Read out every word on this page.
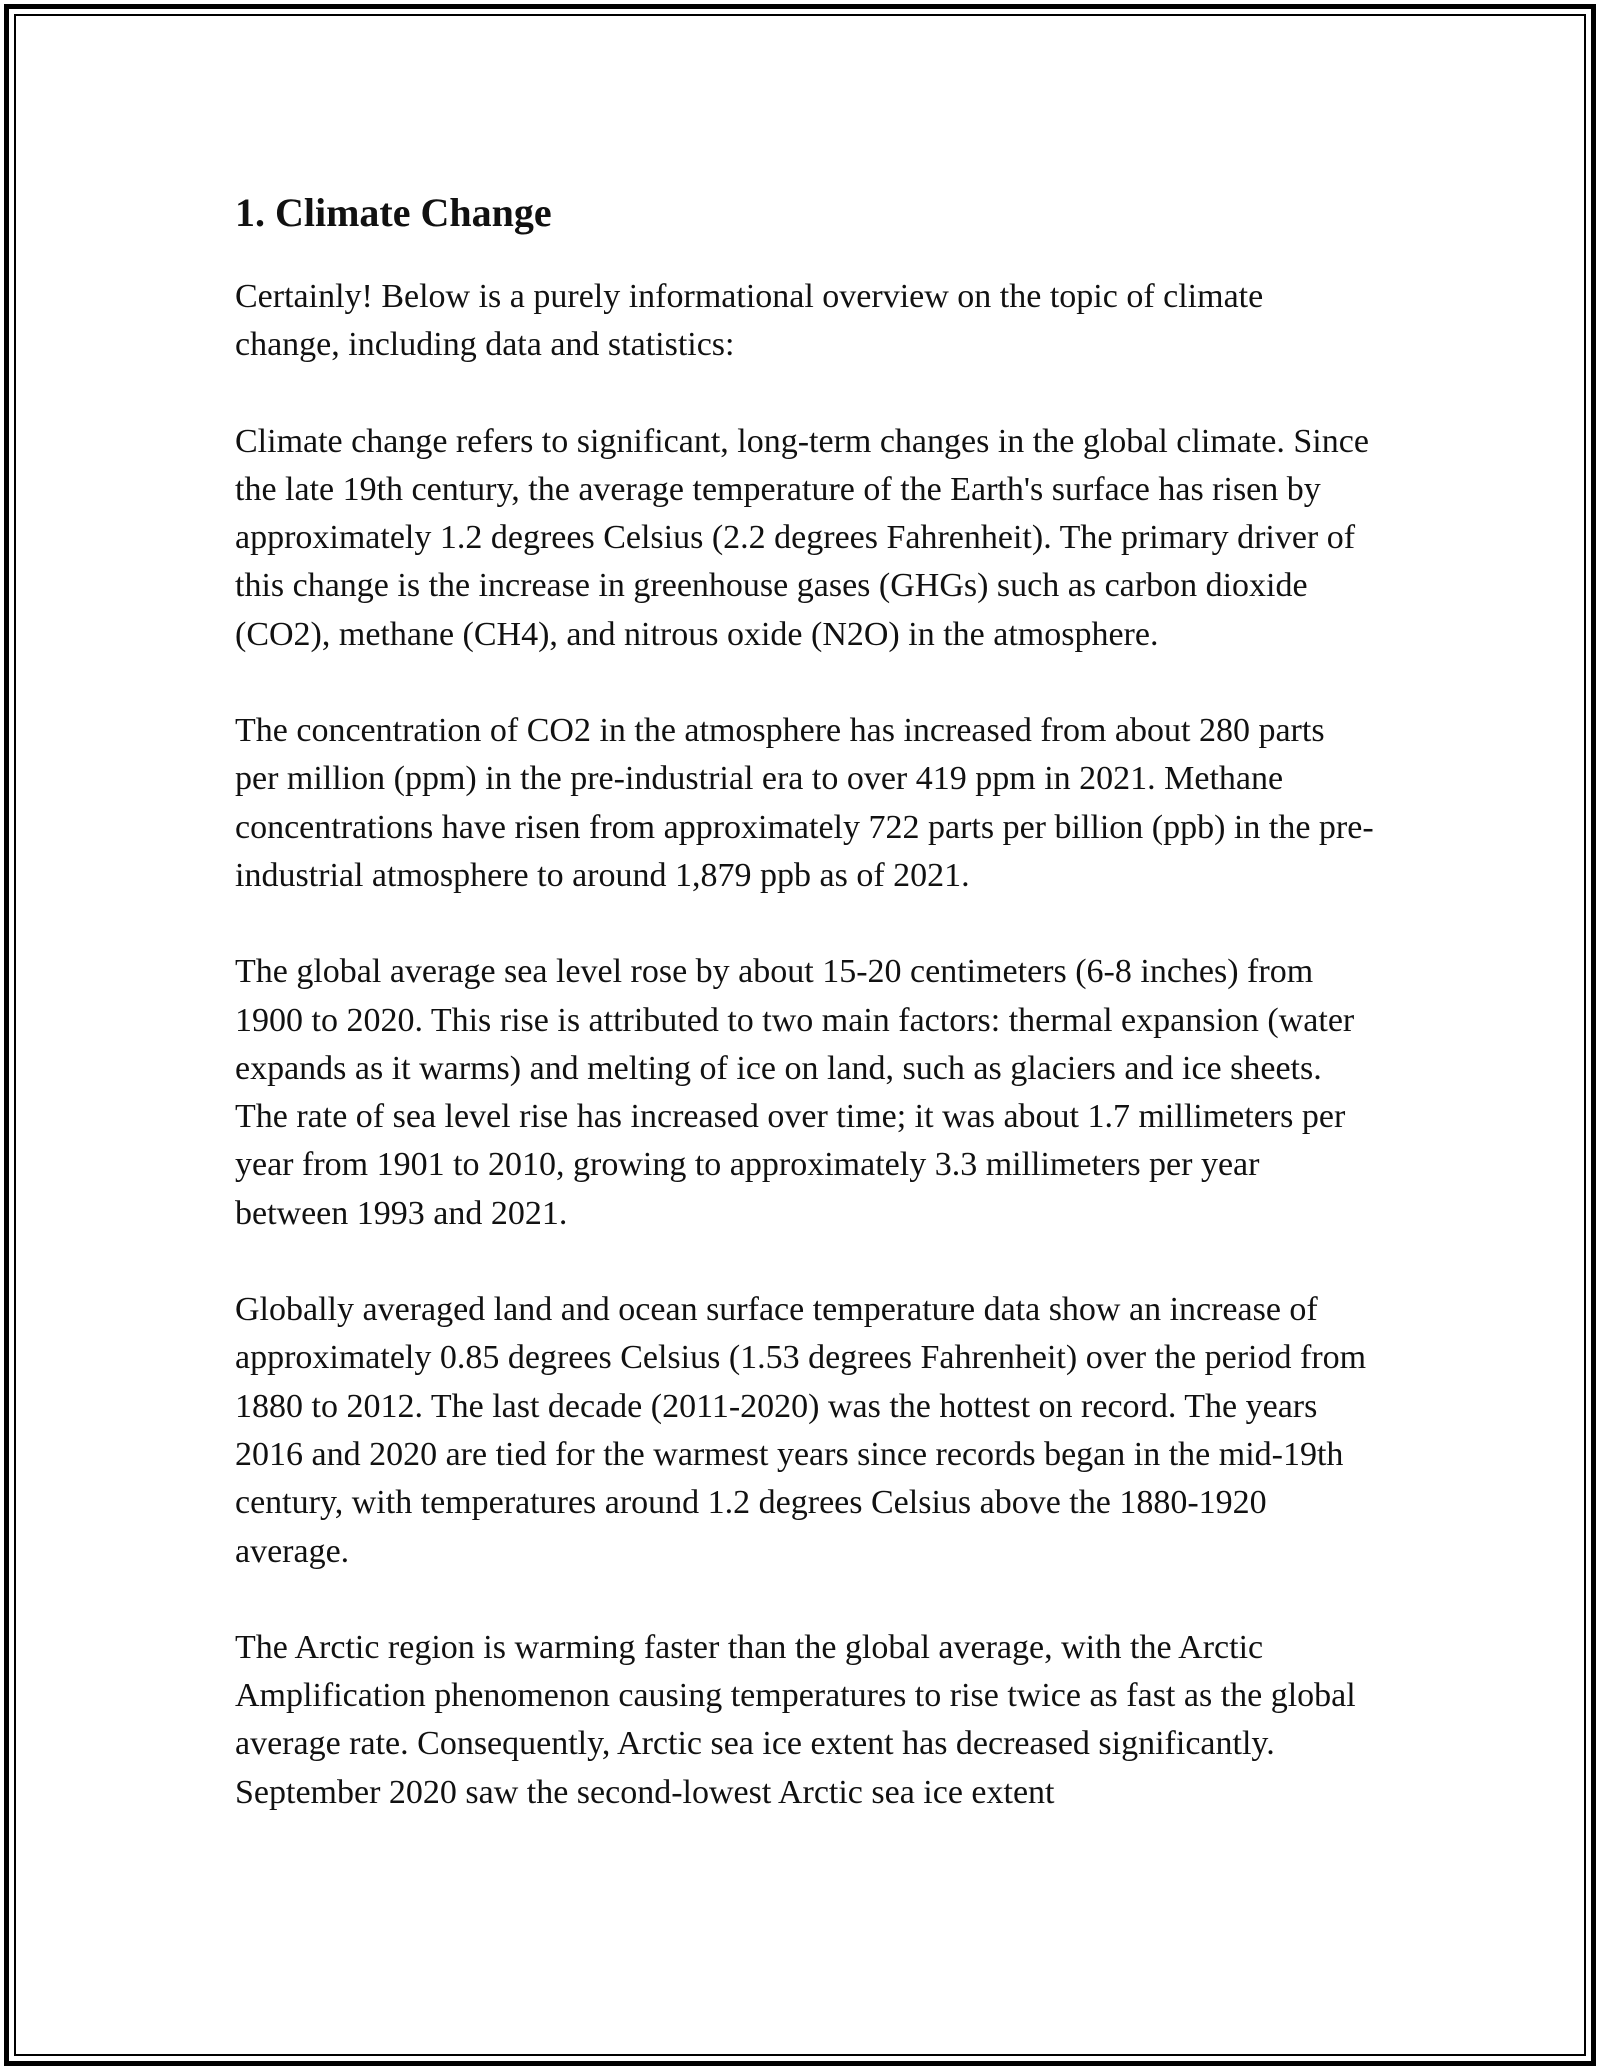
1. Climate Change

Certainly! Below is a purely informational overview on the topic of climate change, including data and statistics:

Climate change refers to significant, long-term changes in the global climate. Since the late 19th century, the average temperature of the Earth's surface has risen by approximately 1.2 degrees Celsius (2.2 degrees Fahrenheit). The primary driver of this change is the increase in greenhouse gases (GHGs) such as carbon dioxide (CO2), methane (CH4), and nitrous oxide (N2O) in the atmosphere.

The concentration of CO2 in the atmosphere has increased from about 280 parts per million (ppm) in the pre-industrial era to over 419 ppm in 2021. Methane concentrations have risen from approximately 722 parts per billion (ppb) in the pre-industrial atmosphere to around 1,879 ppb as of 2021.

The global average sea level rose by about 15-20 centimeters (6-8 inches) from 1900 to 2020. This rise is attributed to two main factors: thermal expansion (water expands as it warms) and melting of ice on land, such as glaciers and ice sheets. The rate of sea level rise has increased over time; it was about 1.7 millimeters per year from 1901 to 2010, growing to approximately 3.3 millimeters per year between 1993 and 2021.

Globally averaged land and ocean surface temperature data show an increase of approximately 0.85 degrees Celsius (1.53 degrees Fahrenheit) over the period from 1880 to 2012. The last decade (2011-2020) was the hottest on record. The years 2016 and 2020 are tied for the warmest years since records began in the mid-19th century, with temperatures around 1.2 degrees Celsius above the 1880-1920 average.

The Arctic region is warming faster than the global average, with the Arctic Amplification phenomenon causing temperatures to rise twice as fast as the global average rate. Consequently, Arctic sea ice extent has decreased significantly. September 2020 saw the second-lowest Arctic sea ice extent
